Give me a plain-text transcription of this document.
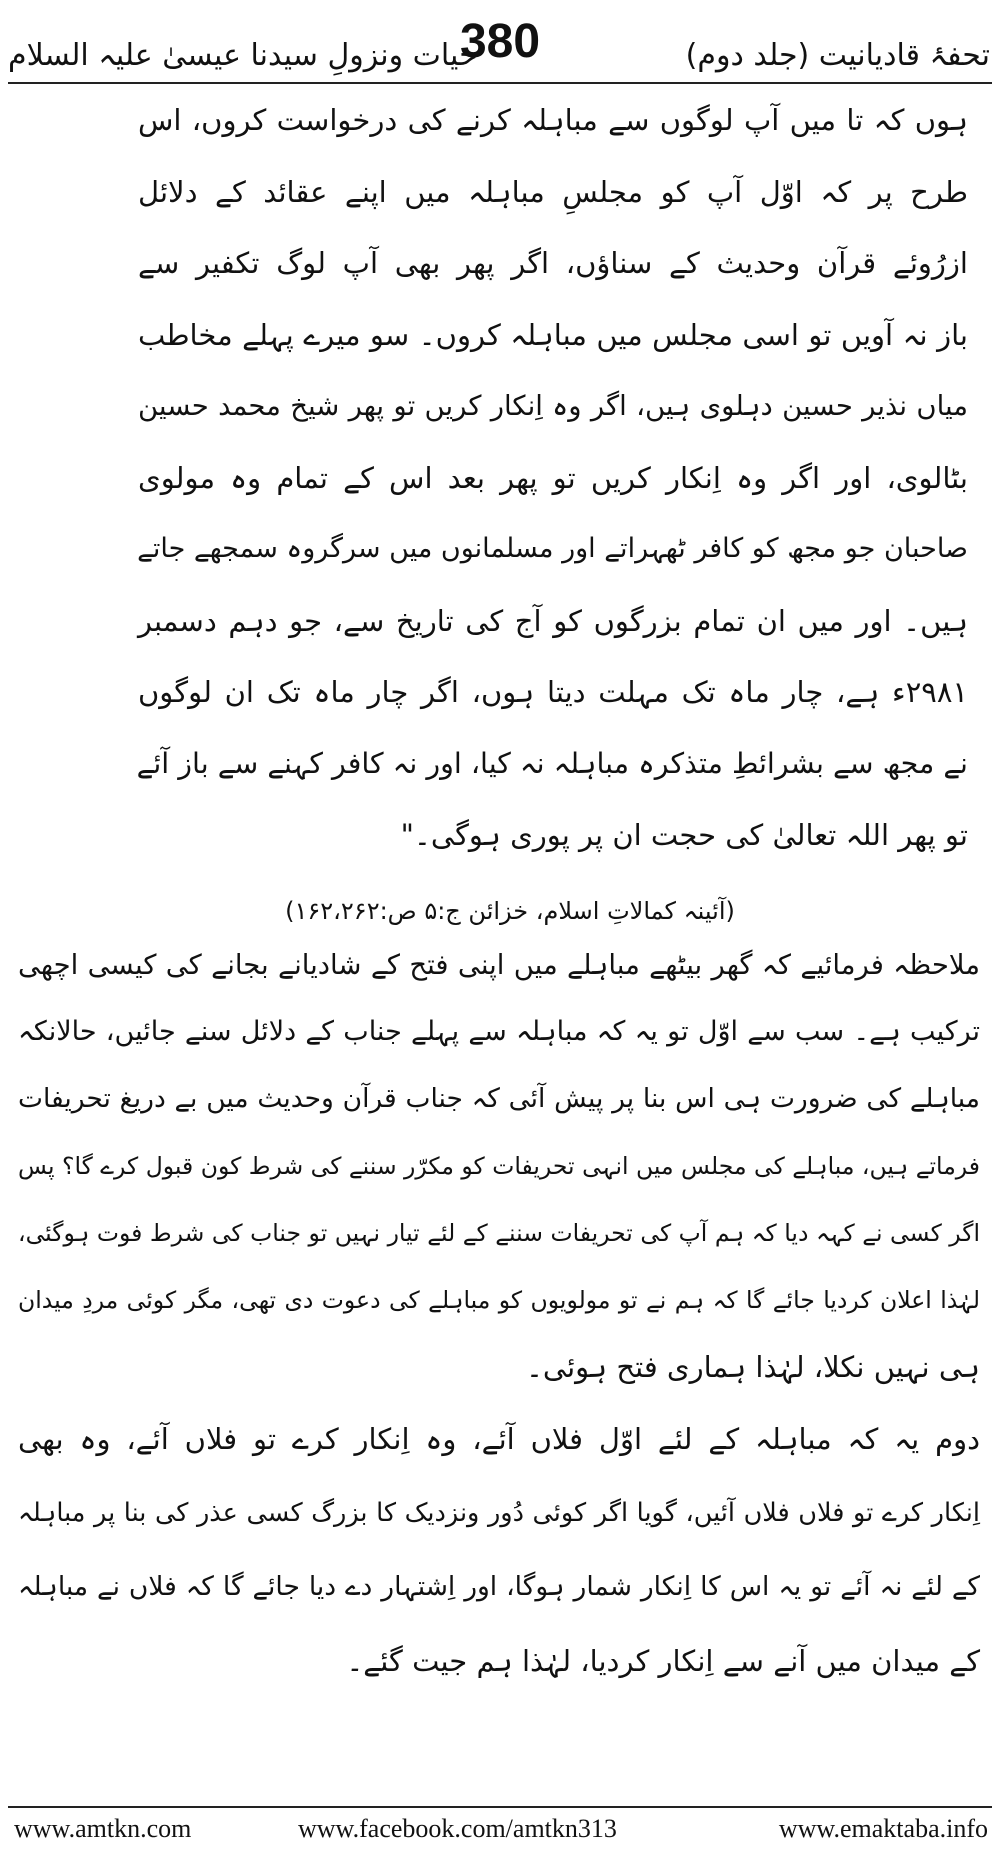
حیات ونزولِ سیدنا عیسیٰ علیہ السلام
380	تحفۂ قادیانیت (جلد دوم)
ہوں کہ تا میں آپ لوگوں سے مباہلہ کرنے کی درخواست کروں، اس
طرح پر کہ اوّل آپ کو مجلسِ مباہلہ میں اپنے عقائد کے دلائل
ازرُوئے قرآن وحدیث کے سناؤں، اگر پھر بھی آپ لوگ تکفیر سے
باز نہ آویں تو اسی مجلس میں مباہلہ کروں۔ سو میرے پہلے مخاطب
میاں نذیر حسین دہلوی ہیں، اگر وہ اِنکار کریں تو پھر شیخ محمد حسین
بٹالوی، اور اگر وہ اِنکار کریں تو پھر بعد اس کے تمام وہ مولوی
صاحبان جو مجھ کو کافر ٹھہراتے اور مسلمانوں میں سرگروہ سمجھے جاتے
ہیں۔ اور میں ان تمام بزرگوں کو آج کی تاریخ سے، جو دہم دسمبر
۲۹۸۱ء ہے، چار ماہ تک مہلت دیتا ہوں، اگر چار ماہ تک ان لوگوں
نے مجھ سے بشرائطِ متذکرہ مباہلہ نہ کیا، اور نہ کافر کہنے سے باز آئے
تو پھر اللہ تعالیٰ کی حجت ان پر پوری ہوگی۔"
(آئینہ کمالاتِ اسلام، خزائن ج:۵ ص:۱۶۲،۲۶۲)
ملاحظہ فرمائیے کہ گھر بیٹھے مباہلے میں اپنی فتح کے شادیانے بجانے کی کیسی اچھی
ترکیب ہے۔ سب سے اوّل تو یہ کہ مباہلہ سے پہلے جناب کے دلائل سنے جائیں، حالانکہ
مباہلے کی ضرورت ہی اس بنا پر پیش آئی کہ جناب قرآن وحدیث میں بے دریغ تحریفات
فرماتے ہیں، مباہلے کی مجلس میں انہی تحریفات کو مکرّر سننے کی شرط کون قبول کرے گا؟ پس
اگر کسی نے کہہ دیا کہ ہم آپ کی تحریفات سننے کے لئے تیار نہیں تو جناب کی شرط فوت ہوگئی،
لہٰذا اعلان کردیا جائے گا کہ ہم نے تو مولویوں کو مباہلے کی دعوت دی تھی، مگر کوئی مردِ میدان
ہی نہیں نکلا، لہٰذا ہماری فتح ہوئی۔
دوم یہ کہ مباہلہ کے لئے اوّل فلاں آئے، وہ اِنکار کرے تو فلاں آئے، وہ بھی
اِنکار کرے تو فلاں فلاں آئیں، گویا اگر کوئی دُور ونزدیک کا بزرگ کسی عذر کی بنا پر مباہلہ
کے لئے نہ آئے تو یہ اس کا اِنکار شمار ہوگا، اور اِشتہار دے دیا جائے گا کہ فلاں نے مباہلہ
کے میدان میں آنے سے اِنکار کردیا، لہٰذا ہم جیت گئے۔
www.amtkn.com	www.facebook.com/amtkn313	www.emaktaba.info
